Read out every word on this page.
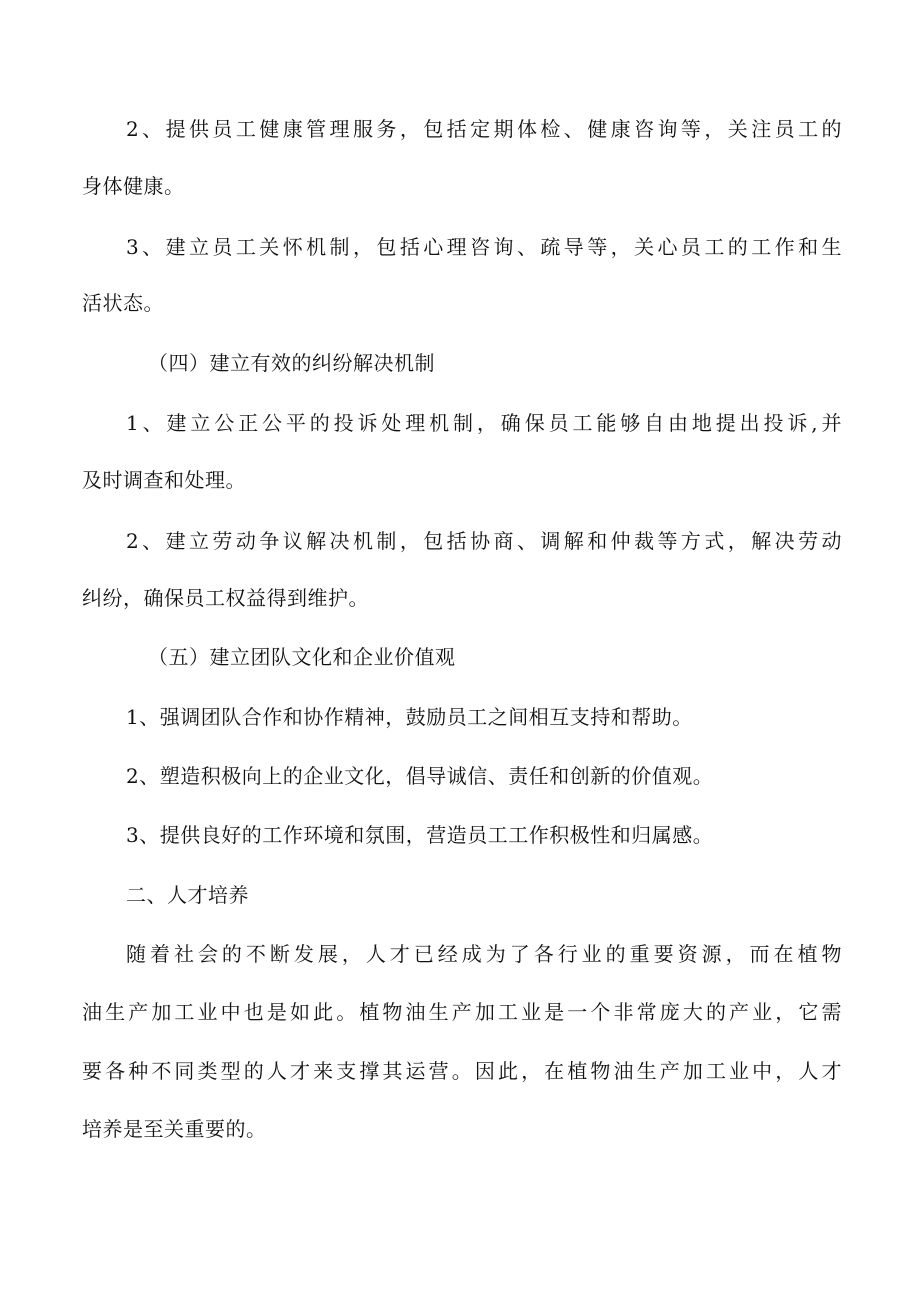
2、提供员工健康管理服务，包括定期体检、健康咨询等，关注员工的
身体健康。
3、建立员工关怀机制，包括心理咨询、疏导等，关心员工的工作和生
活状态。
（四）建立有效的纠纷解决机制
1、建立公正公平的投诉处理机制，确保员工能够自由地提出投诉,并
及时调查和处理。
2、建立劳动争议解决机制，包括协商、调解和仲裁等方式，解决劳动
纠纷，确保员工权益得到维护。
（五）建立团队文化和企业价值观
1、强调团队合作和协作精神，鼓励员工之间相互支持和帮助。
2、塑造积极向上的企业文化，倡导诚信、责任和创新的价值观。
3、提供良好的工作环境和氛围，营造员工工作积极性和归属感。
二、人才培养
随着社会的不断发展，人才已经成为了各行业的重要资源，而在植物
油生产加工业中也是如此。植物油生产加工业是一个非常庞大的产业，它需
要各种不同类型的人才来支撑其运营。因此，在植物油生产加工业中，人才
培养是至关重要的。
